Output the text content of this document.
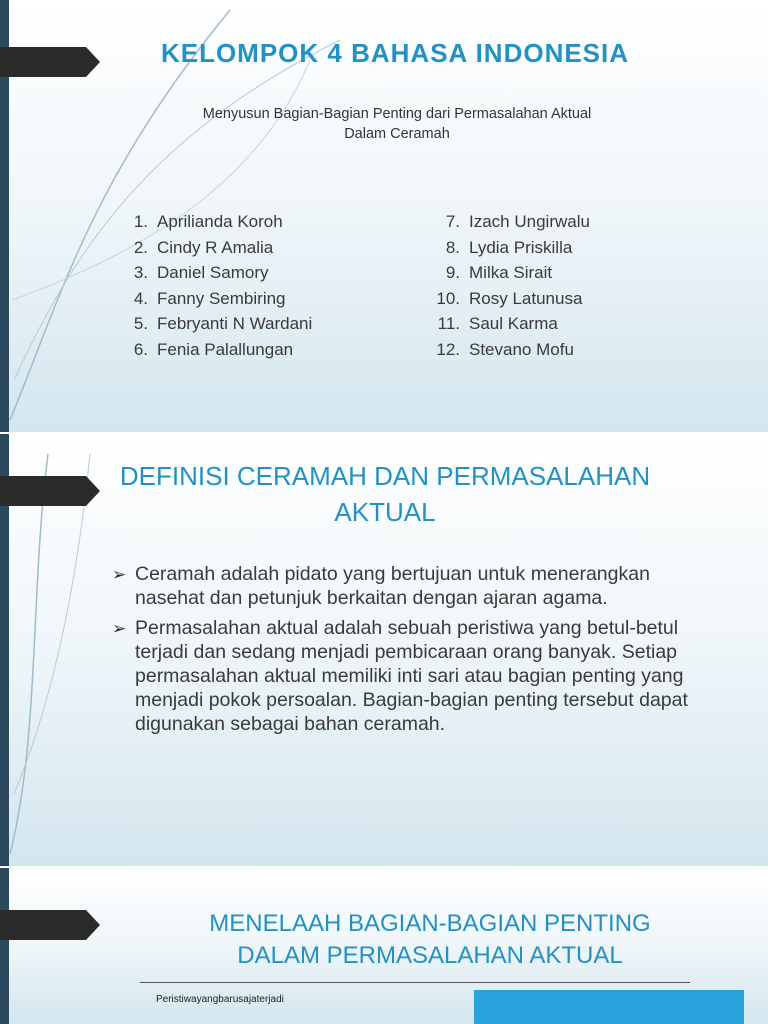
KELOMPOK 4 BAHASA INDONESIA
Menyusun Bagian-Bagian Penting dari Permasalahan Aktual
Dalam Ceramah
1. Aprilianda Koroh
2. Cindy R Amalia
3. Daniel Samory
4. Fanny Sembiring
5. Febryanti N Wardani
6. Fenia Palallungan
7. Izach Ungirwalu
8. Lydia Priskilla
9. Milka Sirait
10. Rosy Latunusa
11. Saul Karma
12. Stevano Mofu
DEFINISI CERAMAH DAN PERMASALAHAN
AKTUAL
➢ Ceramah adalah pidato yang bertujuan untuk menerangkan nasehat dan petunjuk berkaitan dengan ajaran agama.
➢ Permasalahan aktual adalah sebuah peristiwa yang betul-betul terjadi dan sedang menjadi pembicaraan orang banyak. Setiap permasalahan aktual memiliki inti sari atau bagian penting yang menjadi pokok persoalan. Bagian-bagian penting tersebut dapat digunakan sebagai bahan ceramah.
MENELAAH BAGIAN-BAGIAN PENTING
DALAM PERMASALAHAN AKTUAL
Peristiwayangbarusajaterjadi
